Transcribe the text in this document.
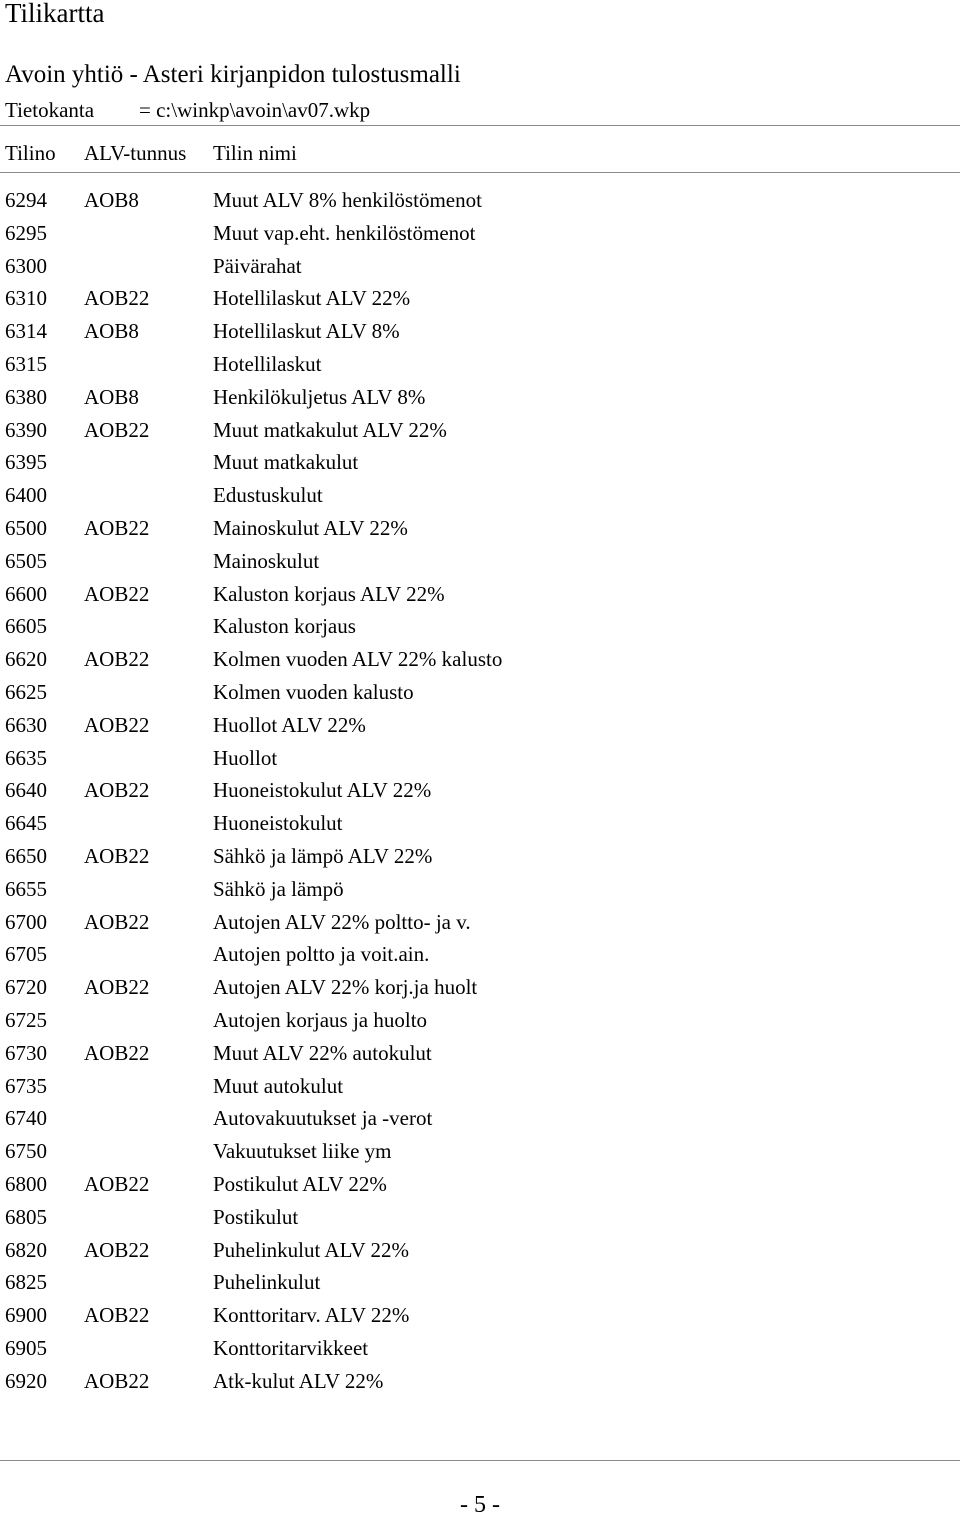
Tilikartta
Avoin yhtiö - Asteri kirjanpidon tulostusmalli
Tietokanta = c:\winkp\avoin\av07.wkp
Tilino ALV-tunnus Tilin nimi
6294 AOB8	Muut ALV 8% henkilöstömenot
6295	Muut vap.eht. henkilöstömenot
6300	Päivärahat
6310 AOB22	Hotellilaskut ALV 22%
6314 AOB8	Hotellilaskut ALV 8%
6315	Hotellilaskut
6380 AOB8	Henkilökuljetus ALV 8%
6390 AOB22	Muut matkakulut ALV 22%
6395	Muut matkakulut
6400	Edustuskulut
6500 AOB22	Mainoskulut ALV 22%
6505	Mainoskulut
6600 AOB22	Kaluston korjaus ALV 22%
6605	Kaluston korjaus
6620 AOB22	Kolmen vuoden ALV 22% kalusto
6625	Kolmen vuoden kalusto
6630 AOB22	Huollot ALV 22%
6635	Huollot
6640 AOB22	Huoneistokulut ALV 22%
6645	Huoneistokulut
6650 AOB22	Sähkö ja lämpö ALV 22%
6655	Sähkö ja lämpö
6700 AOB22	Autojen ALV 22% poltto- ja v.
6705	Autojen poltto ja voit.ain.
6720 AOB22	Autojen ALV 22% korj.ja huolt
6725	Autojen korjaus ja huolto
6730 AOB22	Muut ALV 22% autokulut
6735	Muut autokulut
6740	Autovakuutukset ja -verot
6750	Vakuutukset liike ym
6800 AOB22	Postikulut ALV 22%
6805	Postikulut
6820 AOB22	Puhelinkulut ALV 22%
6825	Puhelinkulut
6900 AOB22	Konttoritarv. ALV 22%
6905	Konttoritarvikkeet
6920 AOB22	Atk-kulut ALV 22%
- 5 -
